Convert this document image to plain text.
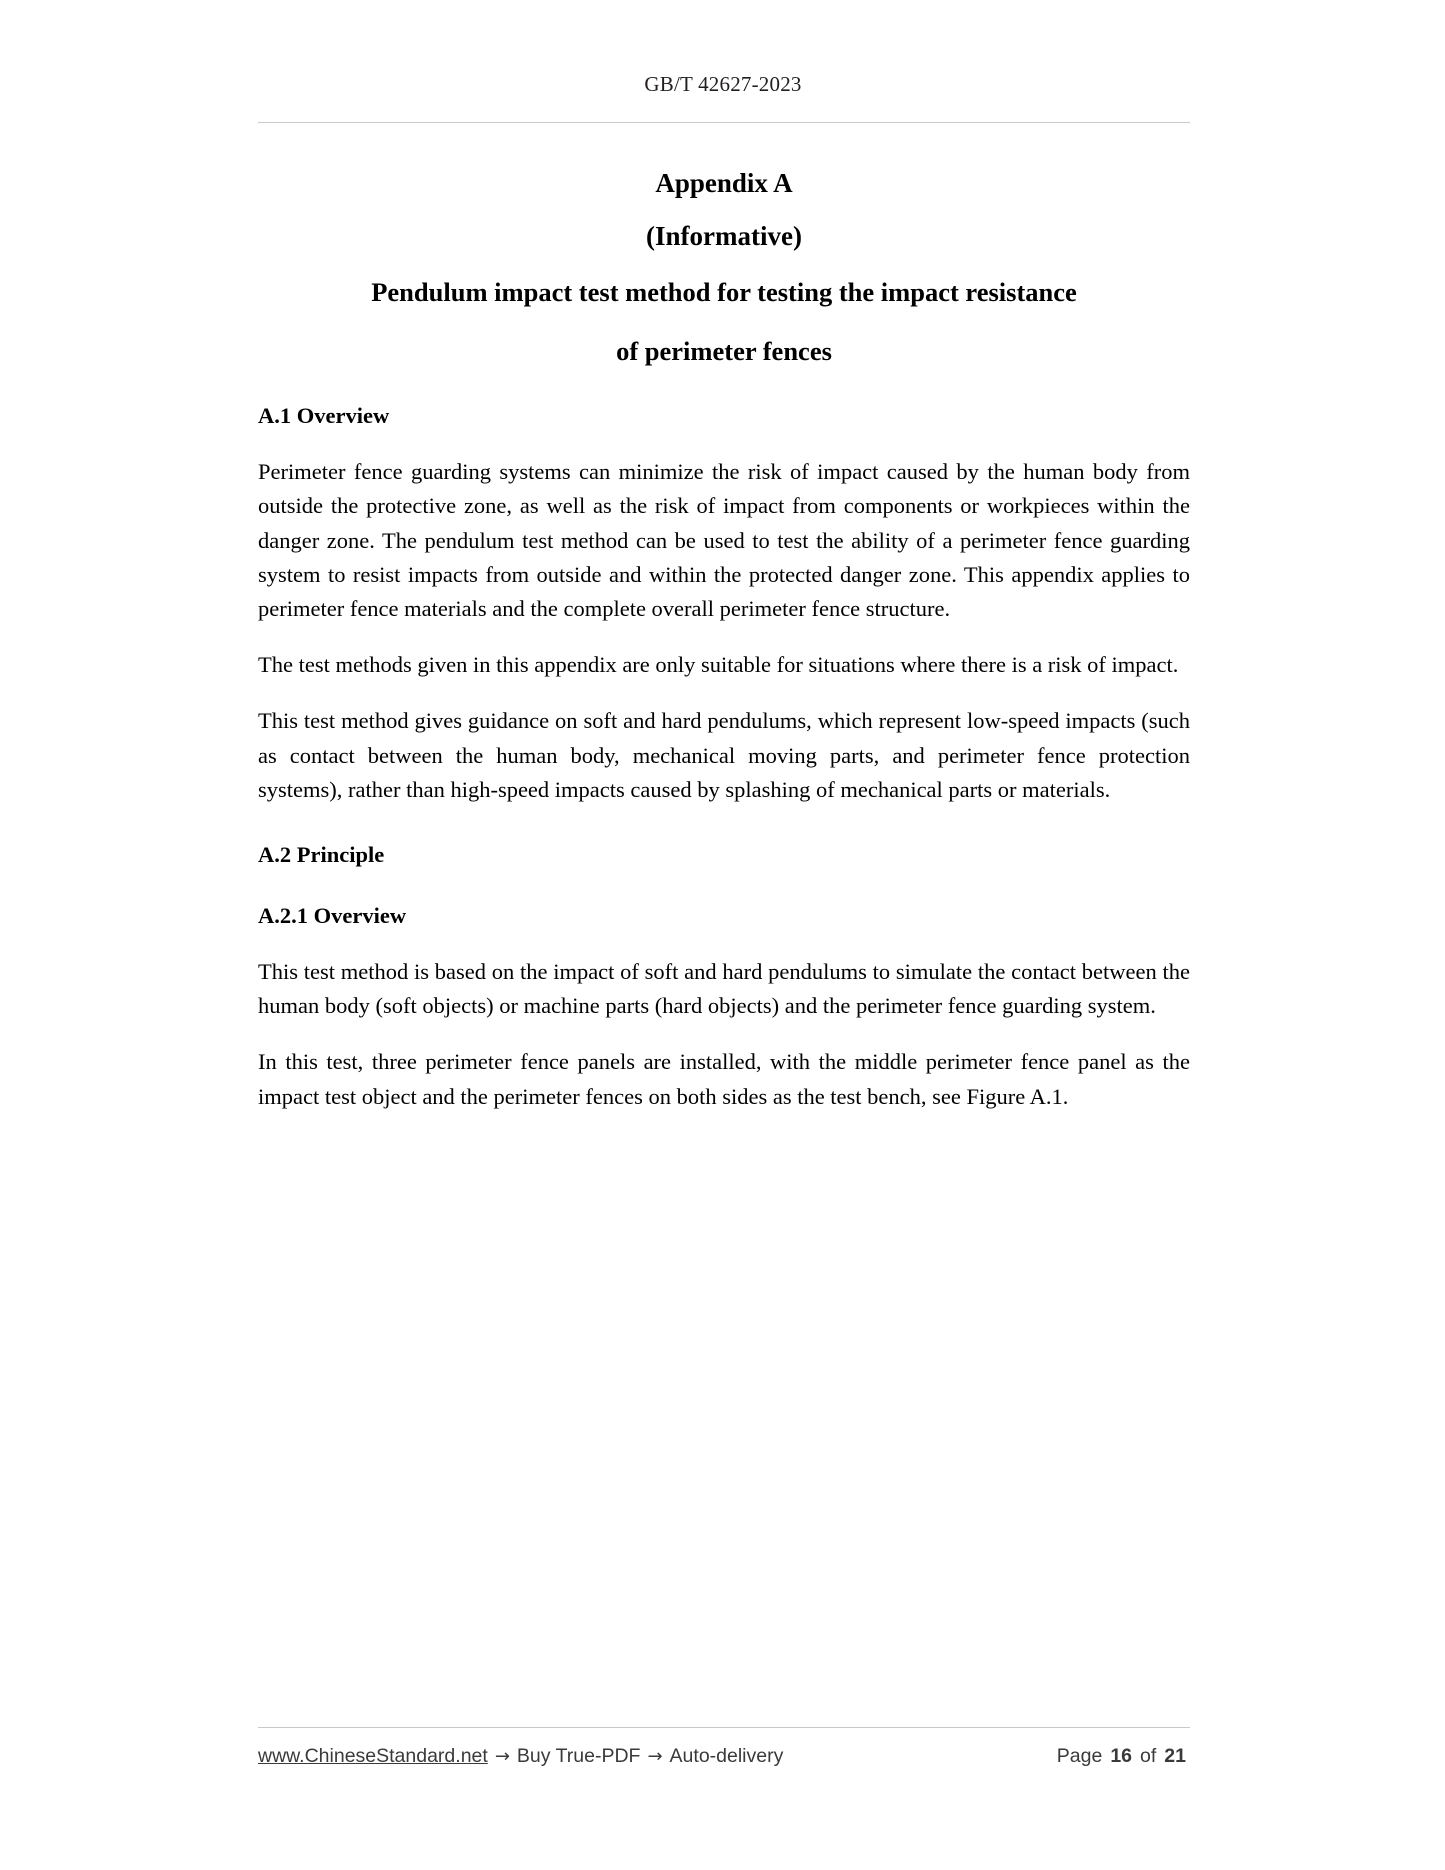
GB/T 42627-2023
Appendix A
(Informative)
Pendulum impact test method for testing the impact resistance
of perimeter fences
A.1 Overview

Perimeter fence guarding systems can minimize the risk of impact caused by the human body from outside the protective zone, as well as the risk of impact from components or workpieces within the danger zone. The pendulum test method can be used to test the ability of a perimeter fence guarding system to resist impacts from outside and within the protected danger zone. This appendix applies to perimeter fence materials and the complete overall perimeter fence structure.

The test methods given in this appendix are only suitable for situations where there is a risk of impact.

This test method gives guidance on soft and hard pendulums, which represent low-speed impacts (such as contact between the human body, mechanical moving parts, and perimeter fence protection systems), rather than high-speed impacts caused by splashing of mechanical parts or materials.

A.2 Principle
A.2.1 Overview

This test method is based on the impact of soft and hard pendulums to simulate the contact between the human body (soft objects) or machine parts (hard objects) and the perimeter fence guarding system.

In this test, three perimeter fence panels are installed, with the middle perimeter fence panel as the impact test object and the perimeter fences on both sides as the test bench, see Figure A.1.

www.ChineseStandard.net → Buy True-PDF → Auto-delivery	Page 16 of 21
